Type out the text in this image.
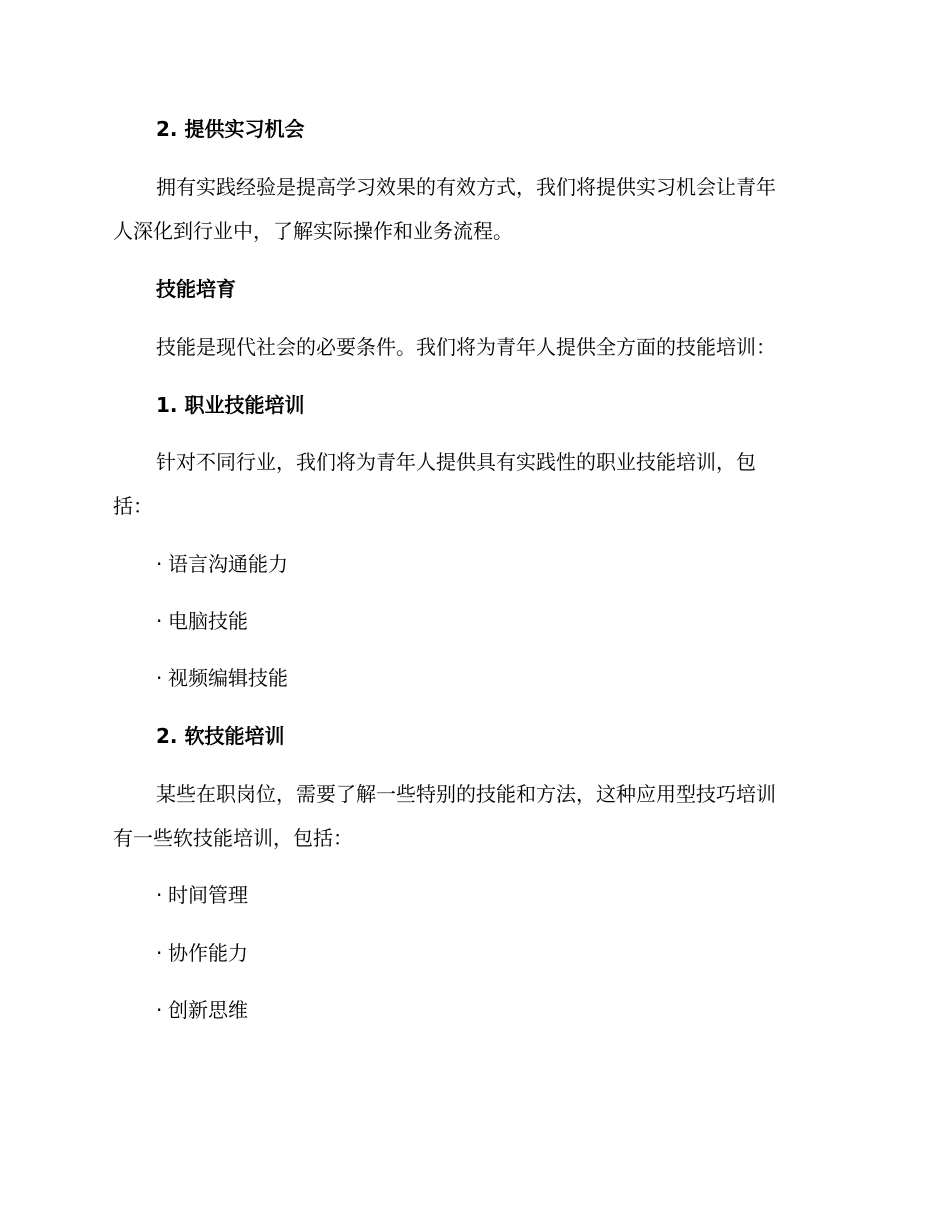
2. 提供实习机会

拥有实践经验是提高学习效果的有效方式，我们将提供实习机会让青年

人深化到行业中，了解实际操作和业务流程。

技能培育

技能是现代社会的必要条件。我们将为青年人提供全方面的技能培训：

1. 职业技能培训

针对不同行业，我们将为青年人提供具有实践性的职业技能培训，包

括：

· 语言沟通能力

· 电脑技能

· 视频编辑技能

2. 软技能培训

某些在职岗位，需要了解一些特别的技能和方法，这种应用型技巧培训

有一些软技能培训，包括：

· 时间管理

· 协作能力

· 创新思维
